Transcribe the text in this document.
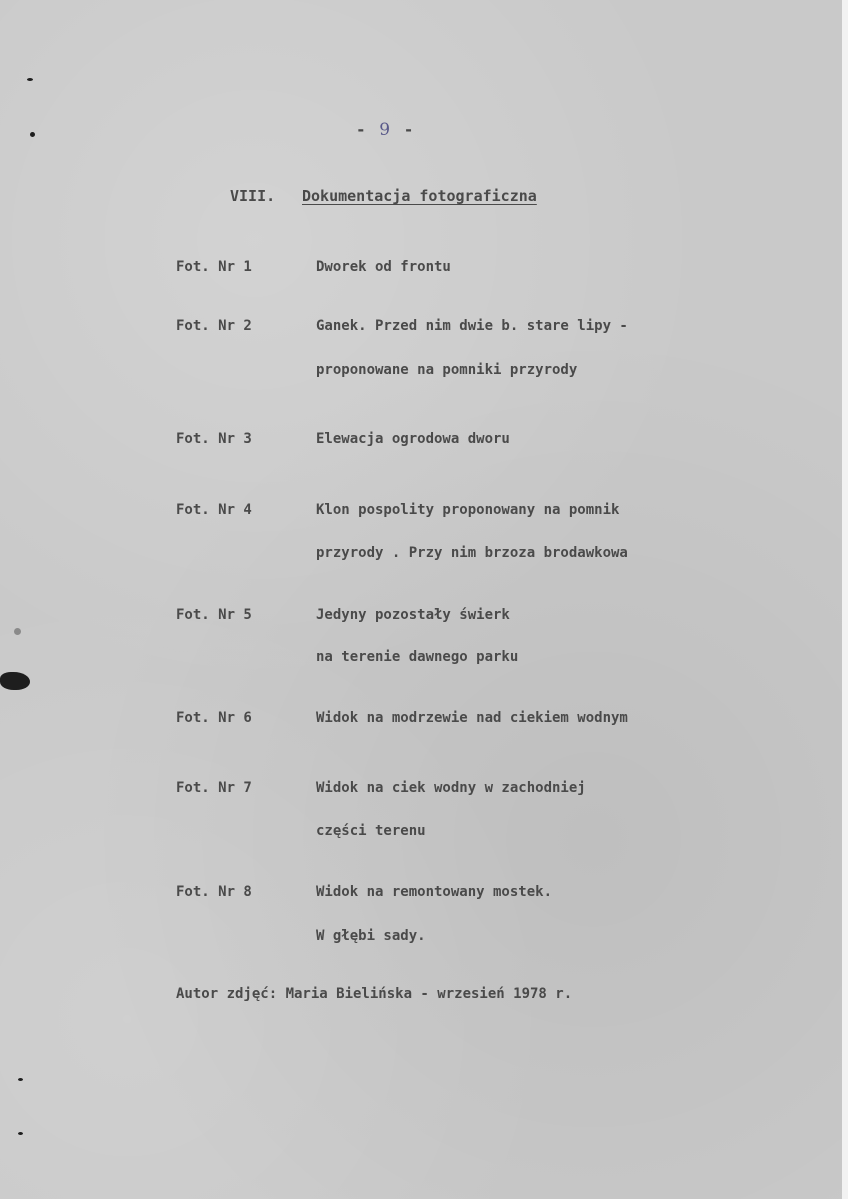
- 9 -
VIII. Dokumentacja fotograficzna
Fot. Nr 1	Dworek od frontu
Fot. Nr 2	Ganek. Przed nim dwie b. stare lipy -
proponowane na pomniki przyrody
Fot. Nr 3	Elewacja ogrodowa dworu
Fot. Nr 4	Klon pospolity proponowany na pomnik
przyrody . Przy nim brzoza brodawkowa
Fot. Nr 5	Jedyny pozostały świerk
na terenie dawnego parku
Fot. Nr 6	Widok na modrzewie nad ciekiem wodnym
Fot. Nr 7	Widok na ciek wodny w zachodniej
części terenu
Fot. Nr 8	Widok na remontowany mostek.
W głębi sady.
Autor zdjęć: Maria Bielińska - wrzesień 1978 r.
